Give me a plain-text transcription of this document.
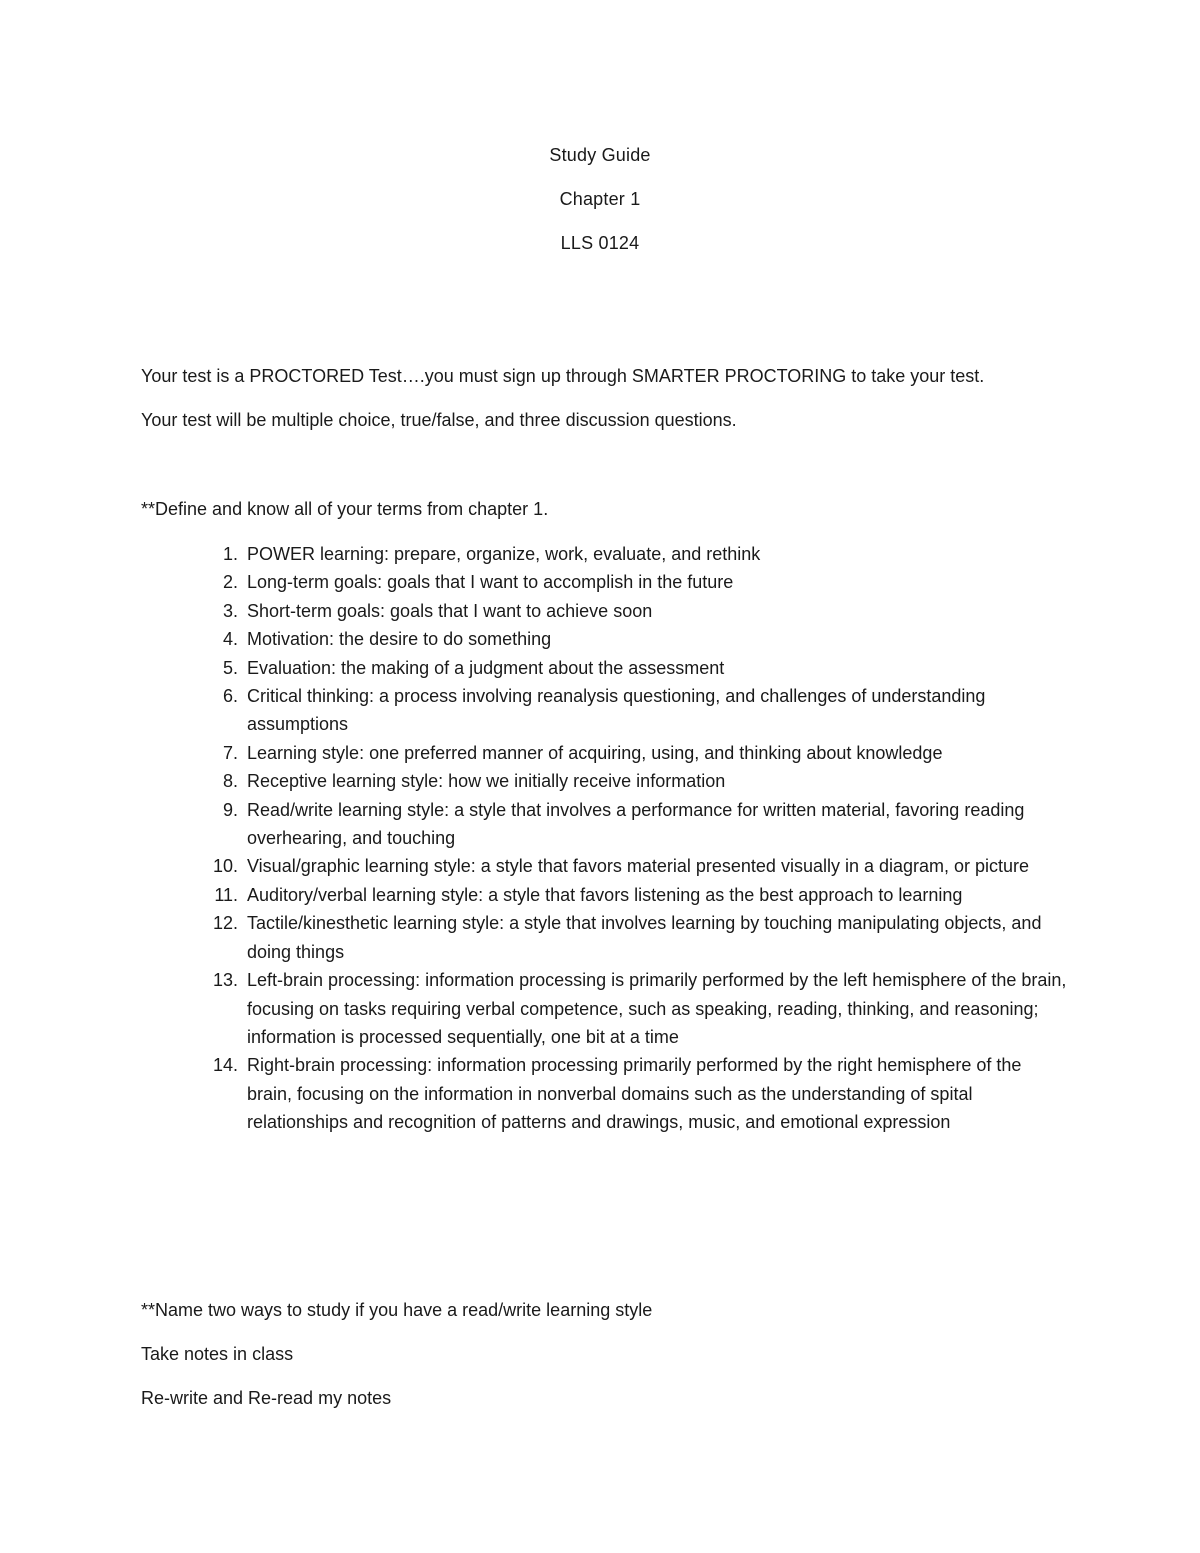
Study Guide
Chapter 1
LLS 0124
Your test is a PROCTORED Test….you must sign up through SMARTER PROCTORING to take your test.
Your test will be multiple choice, true/false, and three discussion questions.
**Define and know all of your terms from chapter 1.
1. POWER learning: prepare, organize, work, evaluate, and rethink
2. Long-term goals: goals that I want to accomplish in the future
3. Short-term goals: goals that I want to achieve soon
4. Motivation: the desire to do something
5. Evaluation: the making of a judgment about the assessment
6. Critical thinking: a process involving reanalysis questioning, and challenges of understanding assumptions
7. Learning style: one preferred manner of acquiring, using, and thinking about knowledge
8. Receptive learning style: how we initially receive information
9. Read/write learning style: a style that involves a performance for written material, favoring reading overhearing, and touching
10. Visual/graphic learning style: a style that favors material presented visually in a diagram, or picture
11. Auditory/verbal learning style: a style that favors listening as the best approach to learning
12. Tactile/kinesthetic learning style: a style that involves learning by touching manipulating objects, and doing things
13. Left-brain processing: information processing is primarily performed by the left hemisphere of the brain, focusing on tasks requiring verbal competence, such as speaking, reading, thinking, and reasoning; information is processed sequentially, one bit at a time
14. Right-brain processing: information processing primarily performed by the right hemisphere of the brain, focusing on the information in nonverbal domains such as the understanding of spital relationships and recognition of patterns and drawings, music, and emotional expression
**Name two ways to study if you have a read/write learning style
Take notes in class
Re-write and Re-read my notes
